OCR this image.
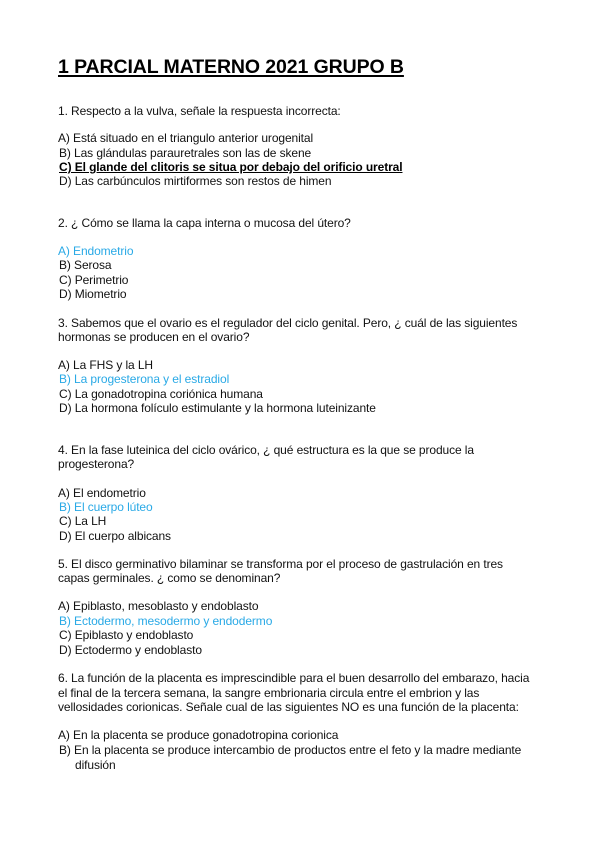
1 PARCIAL MATERNO 2021 GRUPO B
1. Respecto a la vulva, señale la respuesta incorrecta:
A) Está situado en el triangulo anterior urogenital
B) Las glándulas parauretrales son las de skene
C) El glande del clitoris se situa por debajo del orificio uretral
D) Las carbúnculos mirtiformes son restos de himen
2. ¿ Cómo se llama la capa interna o mucosa del útero?
A) Endometrio
B) Serosa
C) Perimetrio
D) Miometrio
3. Sabemos que el ovario es el regulador del ciclo genital. Pero, ¿ cuál de las siguientes
hormonas se producen en el ovario?
A) La FHS y la LH
B) La progesterona y el estradiol
C) La gonadotropina coriónica humana
D) La hormona folículo estimulante y la hormona luteinizante
4. En la fase luteinica del ciclo ovárico, ¿ qué estructura es la que se produce la
progesterona?
A) El endometrio
B) El cuerpo lúteo
C) La LH
D) El cuerpo albicans
5. El disco germinativo bilaminar se transforma por el proceso de gastrulación en tres
capas germinales. ¿ como se denominan?
A) Epiblasto, mesoblasto y endoblasto
B) Ectodermo, mesodermo y endodermo
C) Epiblasto y endoblasto
D) Ectodermo y endoblasto
6. La función de la placenta es imprescindible para el buen desarrollo del embarazo, hacia
el final de la tercera semana, la sangre embrionaria circula entre el embrion y las
vellosidades corionicas. Señale cual de las siguientes NO es una función de la placenta:
A) En la placenta se produce gonadotropina corionica
B) En la placenta se produce intercambio de productos entre el feto y la madre mediante
difusión
